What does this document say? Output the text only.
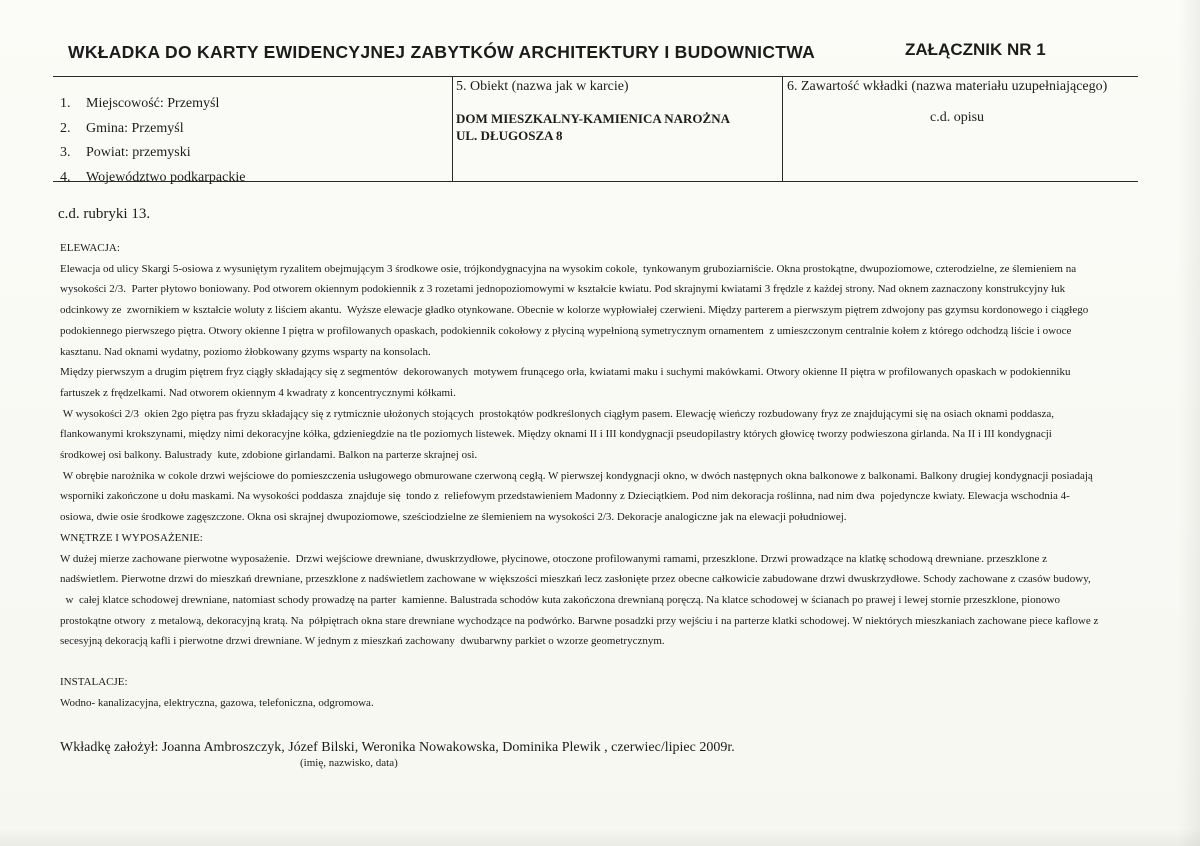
WKŁADKA DO KARTY EWIDENCYJNEJ ZABYTKÓW ARCHITEKTURY I BUDOWNICTWA	ZAŁĄCZNIK NR 1
1.	Miejscowość: Przemyśl
2.	Gmina: Przemyśl
3.	Powiat: przemyski
4.	Województwo podkarpackie
5. Obiekt (nazwa jak w karcie)
DOM MIESZKALNY-KAMIENICA NAROŻNA
UL. DŁUGOSZA 8
6. Zawartość wkładki (nazwa materiału uzupełniającego)
c.d. opisu
c.d. rubryki 13.

ELEWACJA:

Elewacja od ulicy Skargi 5-osiowa z wysuniętym ryzalitem obejmującym 3 środkowe osie, trójkondygnacyjna na wysokim cokole,  tynkowanym gruboziarniście. Okna prostokątne, dwupoziomowe, czterodzielne, ze ślemieniem na

wysokości 2/3.  Parter płytowo boniowany. Pod otworem okiennym podokiennik z 3 rozetami jednopoziomowymi w kształcie kwiatu. Pod skrajnymi kwiatami 3 frędzle z każdej strony. Nad oknem zaznaczony konstrukcyjny łuk

odcinkowy ze  zwornikiem w kształcie woluty z liściem akantu.  Wyższe elewacje gładko otynkowane. Obecnie w kolorze wypłowiałej czerwieni. Między parterem a pierwszym piętrem zdwojony pas gzymsu kordonowego i ciągłego

podokiennego pierwszego piętra. Otwory okienne I piętra w profilowanych opaskach, podokiennik cokołowy z płyciną wypełnioną symetrycznym ornamentem  z umieszczonym centralnie kołem z którego odchodzą liście i owoce

kasztanu. Nad oknami wydatny, poziomo żłobkowany gzyms wsparty na konsolach.

Między pierwszym a drugim piętrem fryz ciągły składający się z segmentów  dekorowanych  motywem frunącego orła, kwiatami maku i suchymi makówkami. Otwory okienne II piętra w profilowanych opaskach w podokienniku

fartuszek z frędzelkami. Nad otworem okiennym 4 kwadraty z koncentrycznymi kółkami.

W wysokości 2/3  okien 2go piętra pas fryzu składający się z rytmicznie ułożonych stojących  prostokątów podkreślonych ciągłym pasem. Elewację wieńczy rozbudowany fryz ze znajdującymi się na osiach oknami poddasza,

flankowanymi krokszynami, między nimi dekoracyjne kółka, gdzieniegdzie na tle poziomych listewek. Między oknami II i III kondygnacji pseudopilastry których głowicę tworzy podwieszona girlanda. Na II i III kondygnacji

środkowej osi balkony. Balustrady  kute, zdobione girlandami. Balkon na parterze skrajnej osi.

W obrębie narożnika w cokole drzwi wejściowe do pomieszczenia usługowego obmurowane czerwoną cegłą. W pierwszej kondygnacji okno, w dwóch następnych okna balkonowe z balkonami. Balkony drugiej kondygnacji posiadają

wsporniki zakończone u dołu maskami. Na wysokości poddasza  znajduje się  tondo z  reliefowym przedstawieniem Madonny z Dzieciątkiem. Pod nim dekoracja roślinna, nad nim dwa  pojedyncze kwiaty. Elewacja wschodnia 4-

osiowa, dwie osie środkowe zagęszczone. Okna osi skrajnej dwupoziomowe, sześciodzielne ze ślemieniem na wysokości 2/3. Dekoracje analogiczne jak na elewacji południowej.

WNĘTRZE I WYPOSAŻENIE:

W dużej mierze zachowane pierwotne wyposażenie.  Drzwi wejściowe drewniane, dwuskrzydłowe, płycinowe, otoczone profilowanymi ramami, przeszklone. Drzwi prowadzące na klatkę schodową drewniane. przeszklone z

nadświetlem. Pierwotne drzwi do mieszkań drewniane, przeszklone z nadświetlem zachowane w większości mieszkań lecz zasłonięte przez obecne całkowicie zabudowane drzwi dwuskrzydłowe. Schody zachowane z czasów budowy,

w  całej klatce schodowej drewniane, natomiast schody prowadzę na parter  kamienne. Balustrada schodów kuta zakończona drewnianą poręczą. Na klatce schodowej w ścianach po prawej i lewej stornie przeszklone, pionowo

prostokątne otwory  z metalową, dekoracyjną kratą. Na  półpiętrach okna stare drewniane wychodzące na podwórko. Barwne posadzki przy wejściu i na parterze klatki schodowej. W niektórych mieszkaniach zachowane piece kaflowe z

secesyjną dekoracją kafli i pierwotne drzwi drewniane. W jednym z mieszkań zachowany  dwubarwny parkiet o wzorze geometrycznym.

INSTALACJE:

Wodno- kanalizacyjna, elektryczna, gazowa, telefoniczna, odgromowa.

Wkładkę założył: Joanna Ambroszczyk, Józef Bilski, Weronika Nowakowska, Dominika Plewik , czerwiec/lipiec 2009r.
(imię, nazwisko, data)
